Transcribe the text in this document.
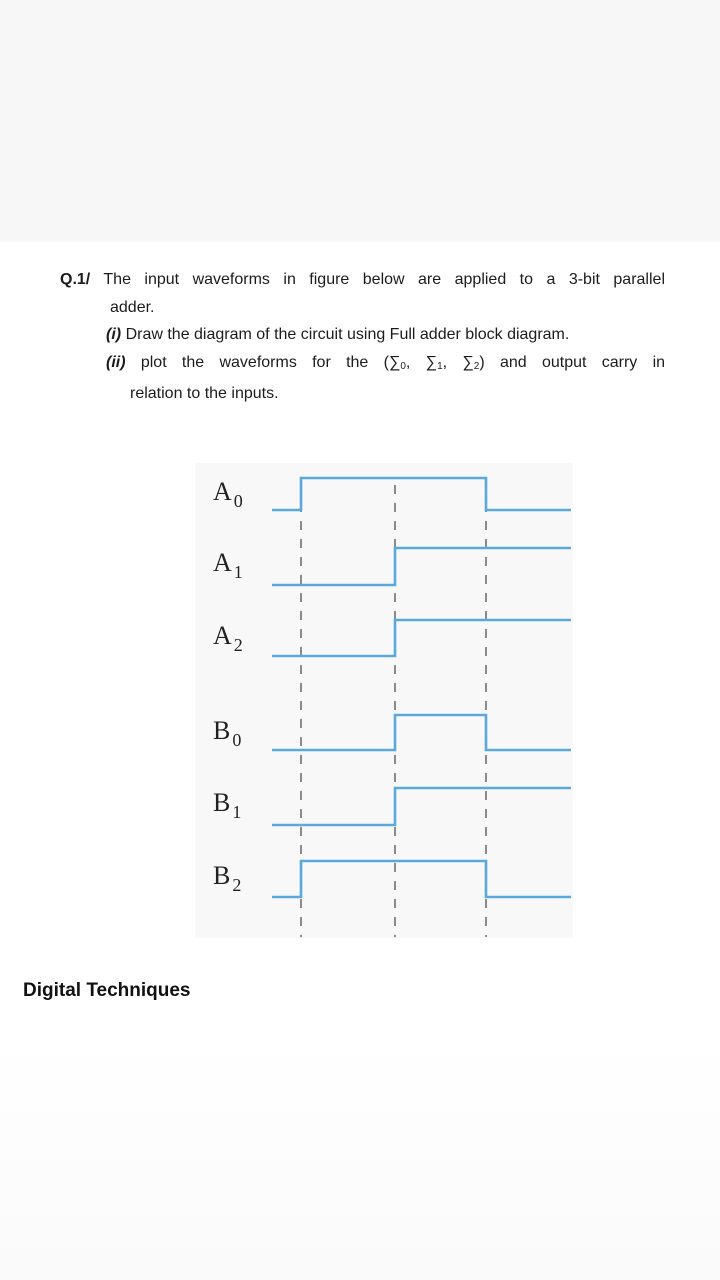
Q.1/ The input waveforms in figure below are applied to a 3-bit parallel
adder.
(i) Draw the diagram of the circuit using Full adder block diagram.
(ii) plot the waveforms for the ($\sum_0$, $\sum_1$, $\sum_2$) and output carry in
relation to the inputs.
A $_0$
A $_1$
A $_2$
B $_0$
B $_1$
B $_2$
Digital Techniques
